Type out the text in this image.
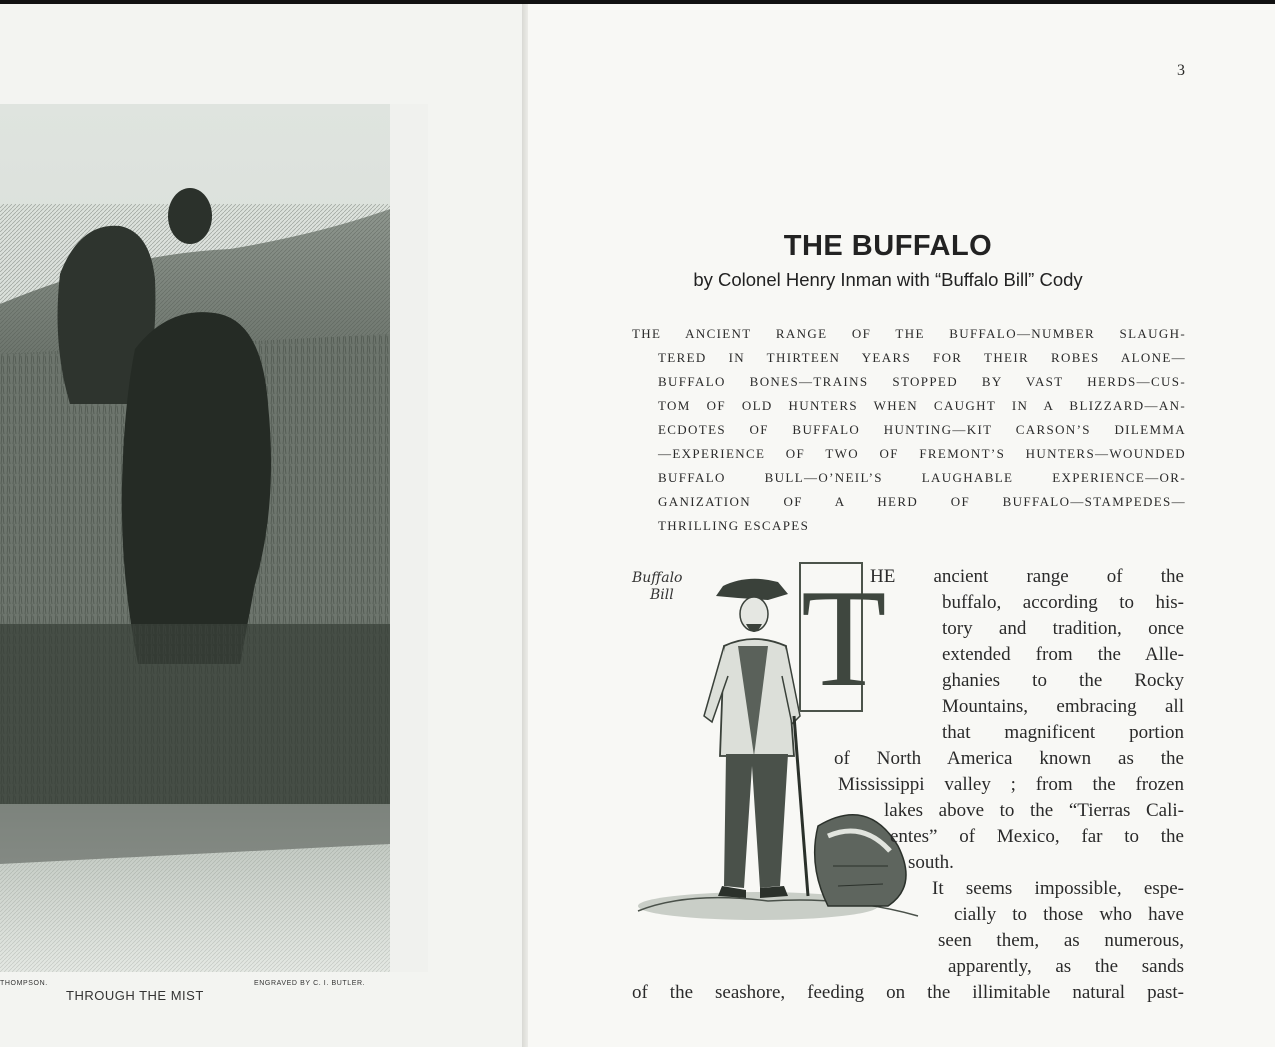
THOMPSON.
THROUGH THE MIST
ENGRAVED BY C. I. BUTLER.
3
THE BUFFALO
by Colonel Henry Inman with “Buffalo Bill” Cody
THE ANCIENT RANGE OF THE BUFFALO—NUMBER SLAUGH-
TERED IN THIRTEEN YEARS FOR THEIR ROBES ALONE—
BUFFALO BONES—TRAINS STOPPED BY VAST HERDS—CUS-
TOM OF OLD HUNTERS WHEN CAUGHT IN A BLIZZARD—AN-
ECDOTES OF BUFFALO HUNTING—KIT CARSON’S DILEMMA
—EXPERIENCE OF TWO OF FREMONT’S HUNTERS—WOUNDED
BUFFALO BULL—O’NEIL’S LAUGHABLE EXPERIENCE—OR-
GANIZATION OF A HERD OF BUFFALO—STAMPEDES—
THRILLING ESCAPES
Buffalo
Bill T
HE ancient range of the
buffalo, according to his-
tory and tradition, once
extended from the Alle-
ghanies to the Rocky
Mountains, embracing all
that magnificent portion
of North America known as the
Mississippi valley ; from the frozen
lakes above to the “Tierras Cali-
entes” of Mexico, far to the
south.
It seems impossible, espe-
cially to those who have
seen them, as numerous,
apparently, as the sands
of the seashore, feeding on the illimitable natural past-
